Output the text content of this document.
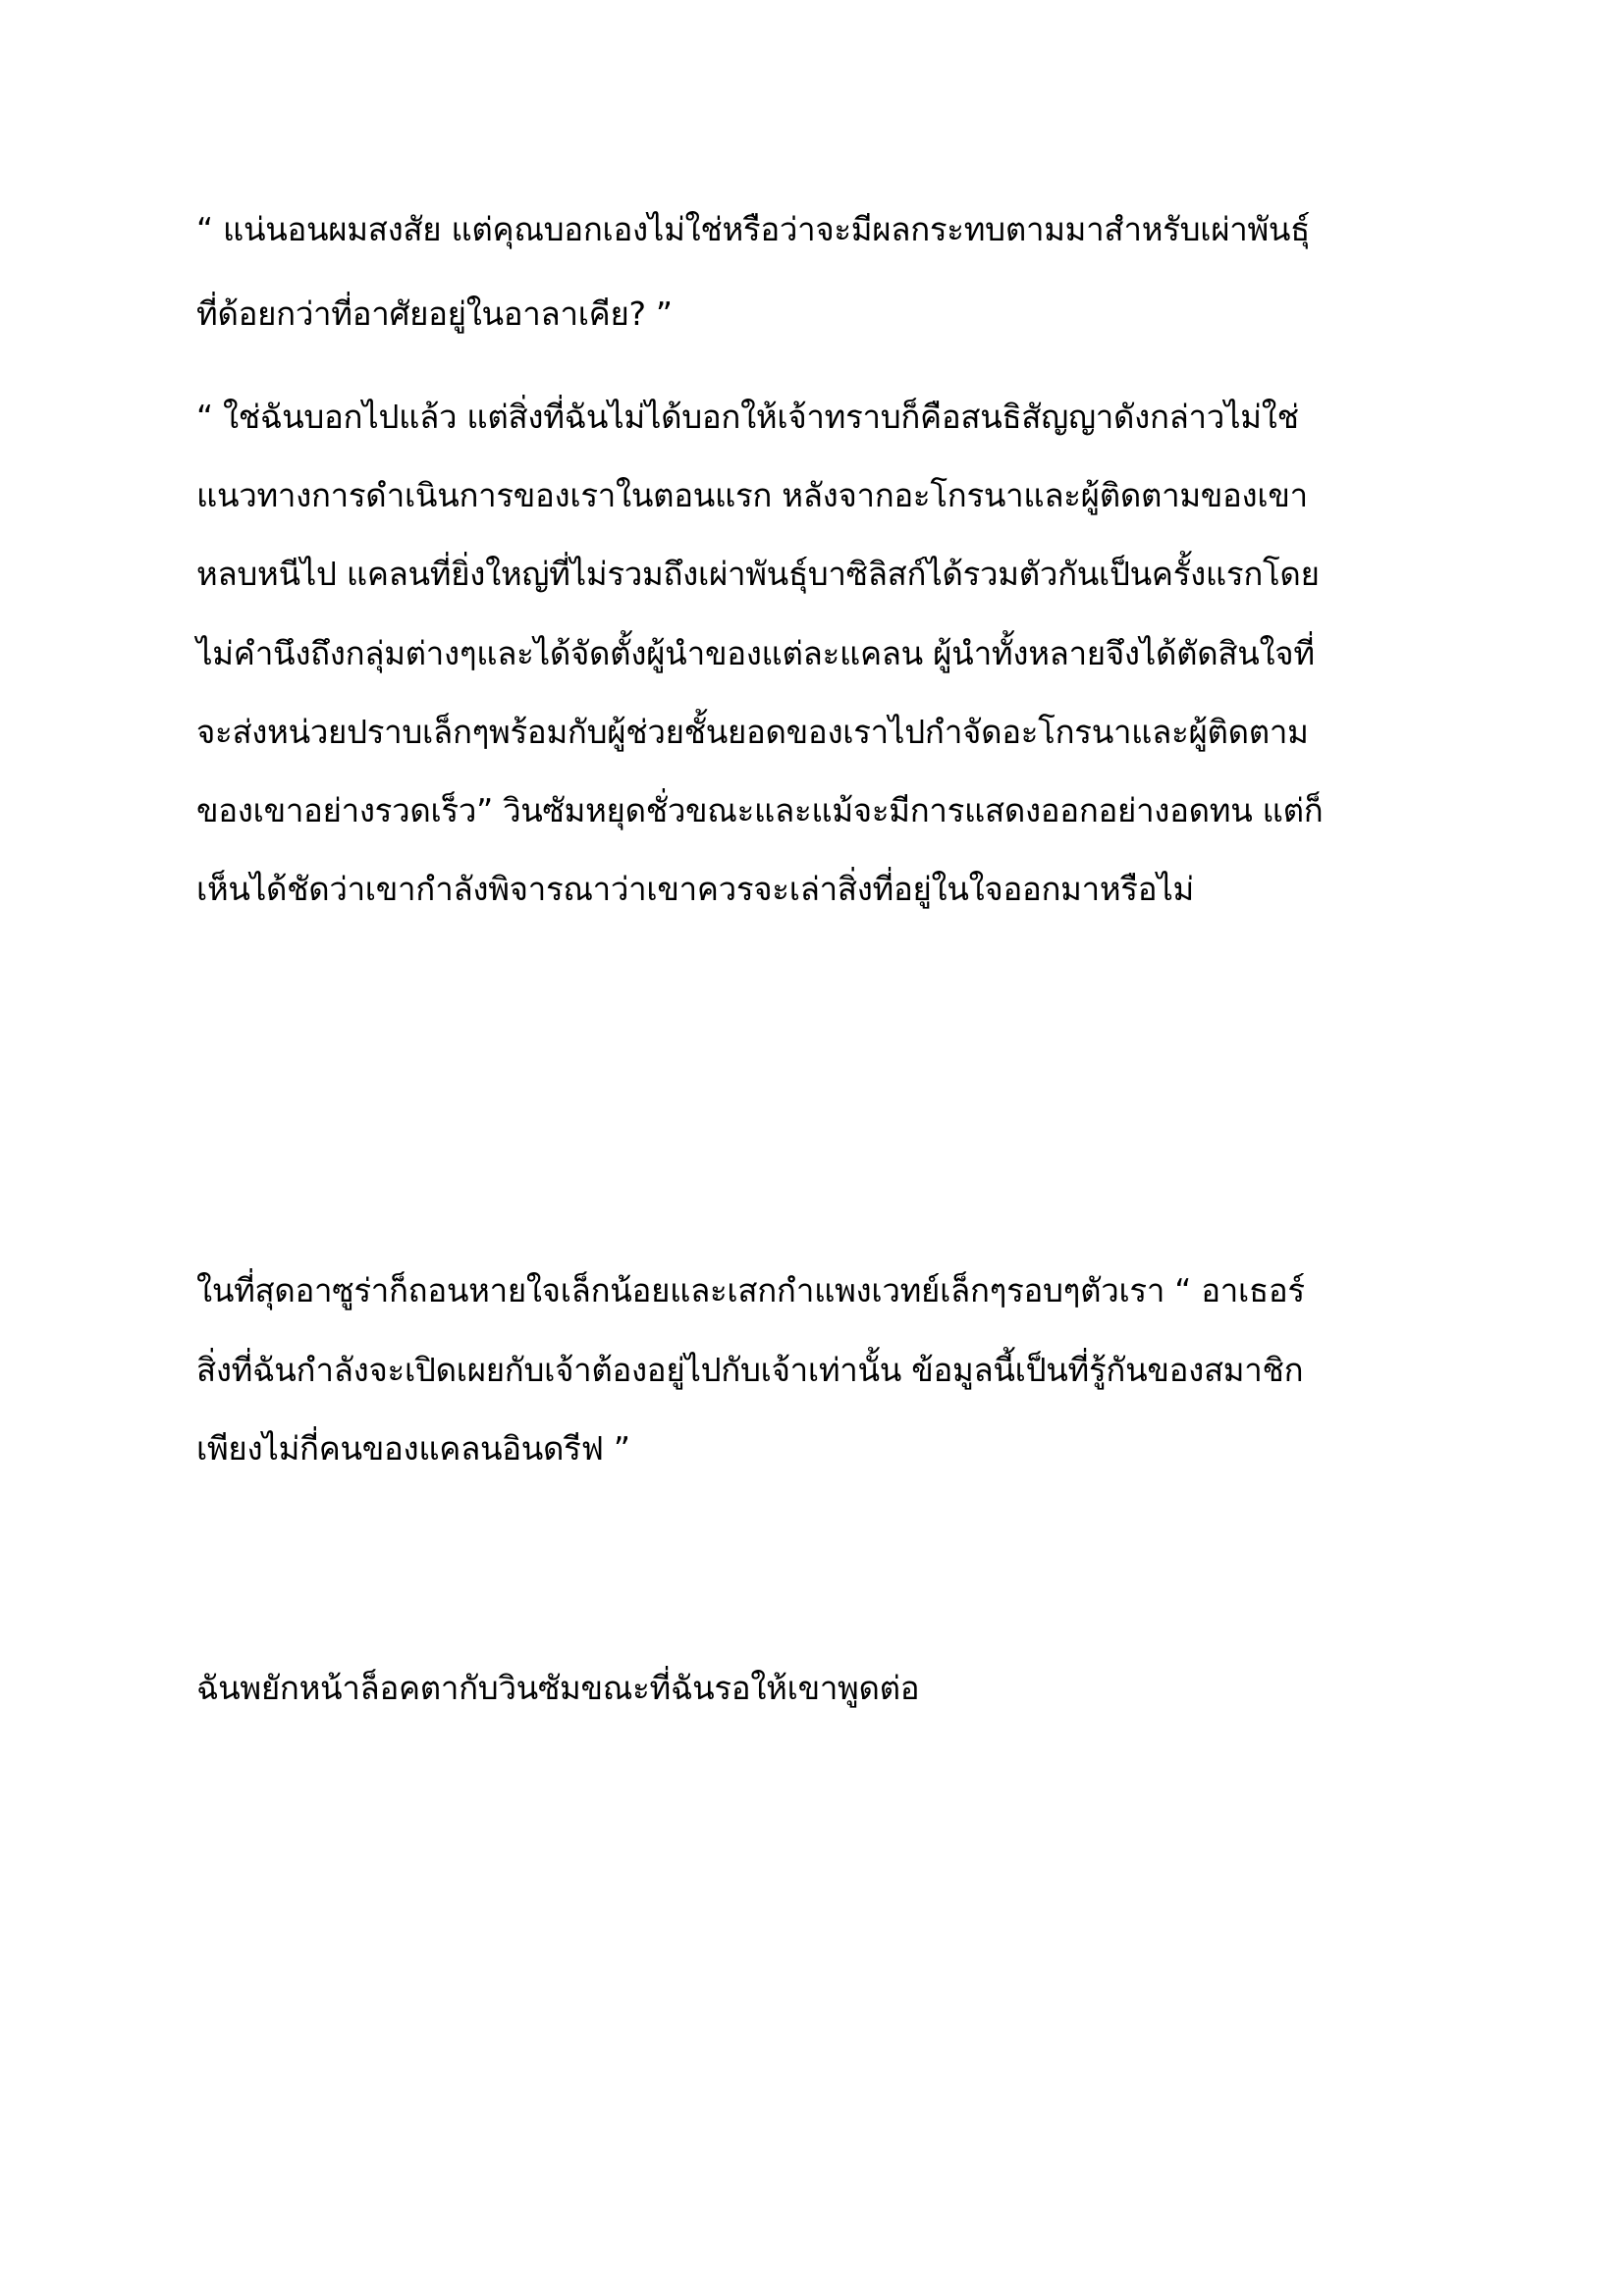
“ แน่นอนผมสงสัย แต่คุณบอกเองไม่ใช่หรือว่าจะมีผลกระทบตามมาสำหรับเผ่าพันธุ์
ที่ด้อยกว่าที่อาศัยอยู่ในอาลาเคีย? ”
“ ใช่ฉันบอกไปแล้ว แต่สิ่งที่ฉันไม่ได้บอกให้เจ้าทราบก็คือสนธิสัญญาดังกล่าวไม่ใช่
แนวทางการดำเนินการของเราในตอนแรก หลังจากอะโกรนาและผู้ติดตามของเขา
หลบหนีไป แคลนที่ยิ่งใหญ่ที่ไม่รวมถึงเผ่าพันธุ์บาซิลิสก์ได้รวมตัวกันเป็นครั้งแรกโดย
ไม่คำนึงถึงกลุ่มต่างๆและได้จัดตั้งผู้นำของแต่ละแคลน ผู้นำทั้งหลายจึงได้ตัดสินใจที่
จะส่งหน่วยปราบเล็กๆพร้อมกับผู้ช่วยชั้นยอดของเราไปกำจัดอะโกรนาและผู้ติดตาม
ของเขาอย่างรวดเร็ว” วินซัมหยุดชั่วขณะและแม้จะมีการแสดงออกอย่างอดทน แต่ก็
เห็นได้ชัดว่าเขากำลังพิจารณาว่าเขาควรจะเล่าสิ่งที่อยู่ในใจออกมาหรือไม่
ในที่สุดอาซูร่าก็ถอนหายใจเล็กน้อยและเสกกำแพงเวทย์เล็กๆรอบๆตัวเรา “ อาเธอร์
สิ่งที่ฉันกำลังจะเปิดเผยกับเจ้าต้องอยู่ไปกับเจ้าเท่านั้น ข้อมูลนี้เป็นที่รู้กันของสมาชิก
เพียงไม่กี่คนของแคลนอินดรีฟ ”
ฉันพยักหน้าล็อคตากับวินซัมขณะที่ฉันรอให้เขาพูดต่อ
